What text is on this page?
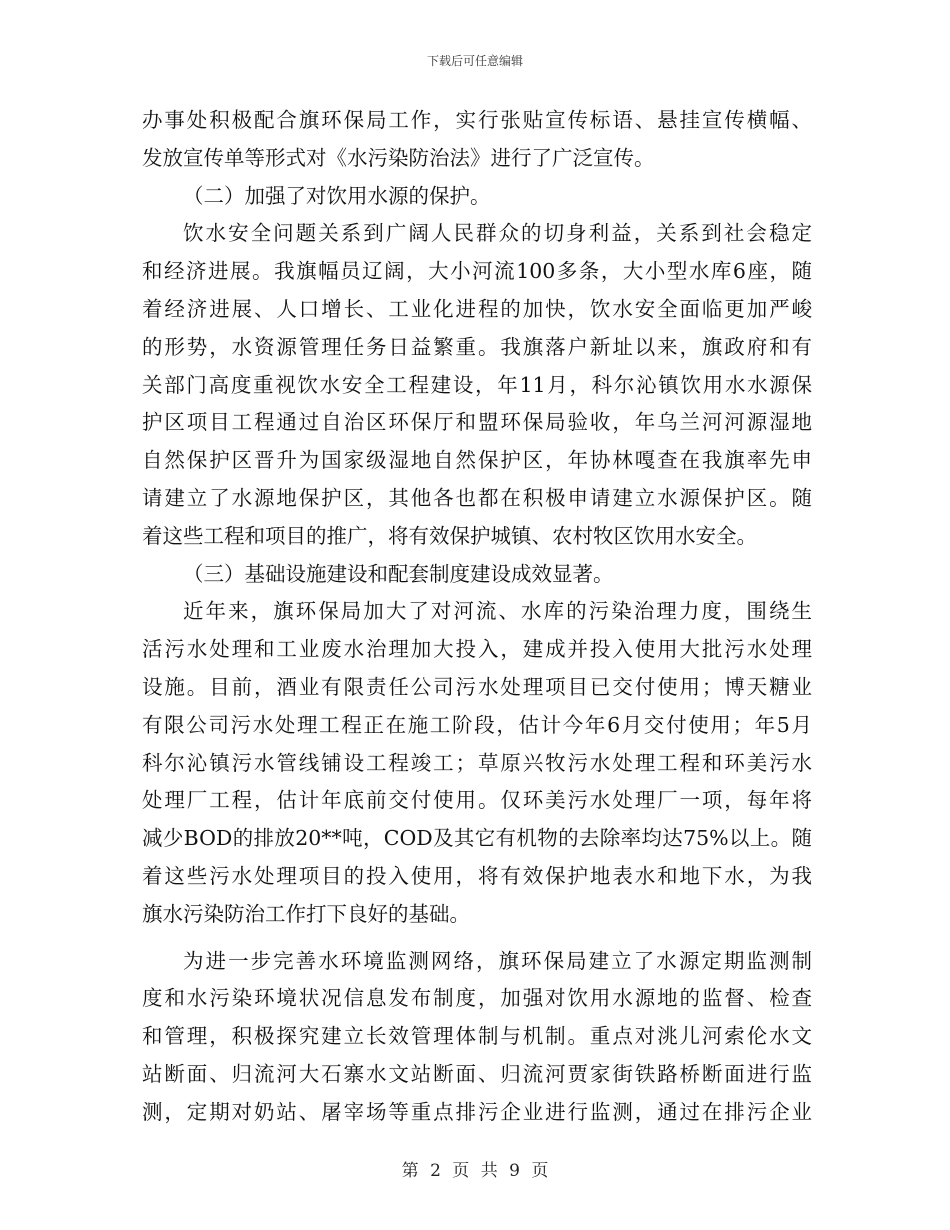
下载后可任意编辑
办事处积极配合旗环保局工作，实行张贴宣传标语、悬挂宣传横幅、
发放宣传单等形式对《水污染防治法》进行了广泛宣传。
（二）加强了对饮用水源的保护。
饮水安全问题关系到广阔人民群众的切身利益，关系到社会稳定
和经济进展。我旗幅员辽阔，大小河流100多条，大小型水库6座，随
着经济进展、人口增长、工业化进程的加快，饮水安全面临更加严峻
的形势，水资源管理任务日益繁重。我旗落户新址以来，旗政府和有
关部门高度重视饮水安全工程建设，年11月，科尔沁镇饮用水水源保
护区项目工程通过自治区环保厅和盟环保局验收，年乌兰河河源湿地
自然保护区晋升为国家级湿地自然保护区，年协林嘎查在我旗率先申
请建立了水源地保护区，其他各也都在积极申请建立水源保护区。随
着这些工程和项目的推广，将有效保护城镇、农村牧区饮用水安全。
（三）基础设施建设和配套制度建设成效显著。
近年来，旗环保局加大了对河流、水库的污染治理力度，围绕生
活污水处理和工业废水治理加大投入，建成并投入使用大批污水处理
设施。目前，酒业有限责任公司污水处理项目已交付使用；博天糖业
有限公司污水处理工程正在施工阶段，估计今年6月交付使用；年5月
科尔沁镇污水管线铺设工程竣工；草原兴牧污水处理工程和环美污水
处理厂工程，估计年底前交付使用。仅环美污水处理厂一项，每年将
减少BOD的排放20**吨，COD及其它有机物的去除率均达75%以上。随
着这些污水处理项目的投入使用，将有效保护地表水和地下水，为我
旗水污染防治工作打下良好的基础。
为进一步完善水环境监测网络，旗环保局建立了水源定期监测制
度和水污染环境状况信息发布制度，加强对饮用水源地的监督、检查
和管理，积极探究建立长效管理体制与机制。重点对洮儿河索伦水文
站断面、归流河大石寨水文站断面、归流河贾家街铁路桥断面进行监
测，定期对奶站、屠宰场等重点排污企业进行监测，通过在排污企业
第 2 页 共 9 页
